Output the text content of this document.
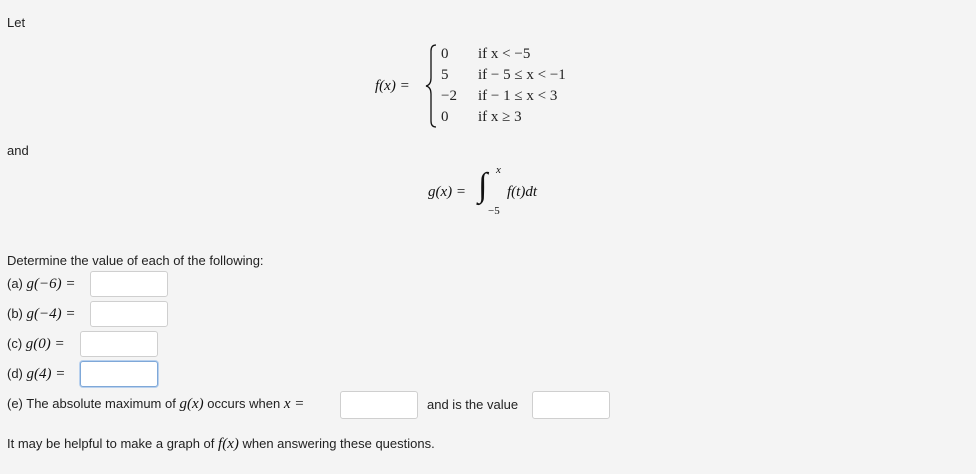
Let
f(x) =
0
5
−2
0
if x < −5
if − 5 ≤ x < −1
if − 1 ≤ x < 3
if x ≥ 3
and
g(x) = ∫ x
−5
f(t)dt
Determine the value of each of the following:
(a) g(−6) =
(b) g(−4) =
(c) g(0) =
(d) g(4) =
(e) The absolute maximum of g(x) occurs when x =	and is the value
It may be helpful to make a graph of f(x) when answering these questions.
